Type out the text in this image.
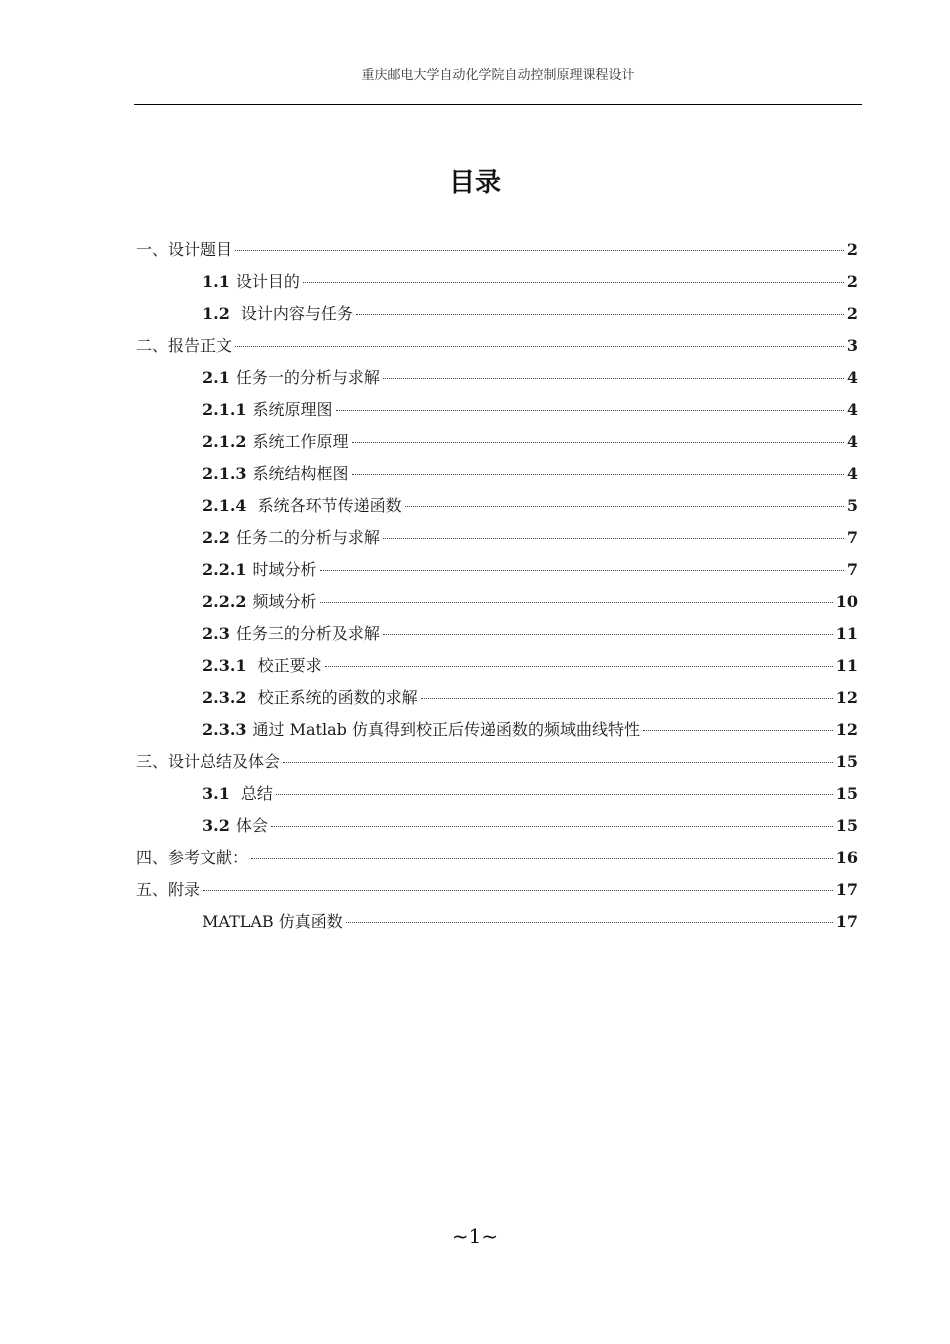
重庆邮电大学自动化学院自动控制原理课程设计
目录
一、设计题目	2
1.1 设计目的	2
1.2 设计内容与任务	2
二、报告正文	3
2.1 任务一的分析与求解	4
2.1.1 系统原理图	4
2.1.2 系统工作原理	4
2.1.3 系统结构框图	4
2.1.4 系统各环节传递函数	5
2.2 任务二的分析与求解	7
2.2.1 时域分析	7
2.2.2 频域分析	10
2.3 任务三的分析及求解	11
2.3.1 校正要求	11
2.3.2 校正系统的函数的求解	12
2.3.3 通过 Matlab 仿真得到校正后传递函数的频域曲线特性	12
三、设计总结及体会	15
3.1 总结	15
3.2 体会	15
四、参考文献：	16
五、附录	17
MATLAB 仿真函数	17
~1~
